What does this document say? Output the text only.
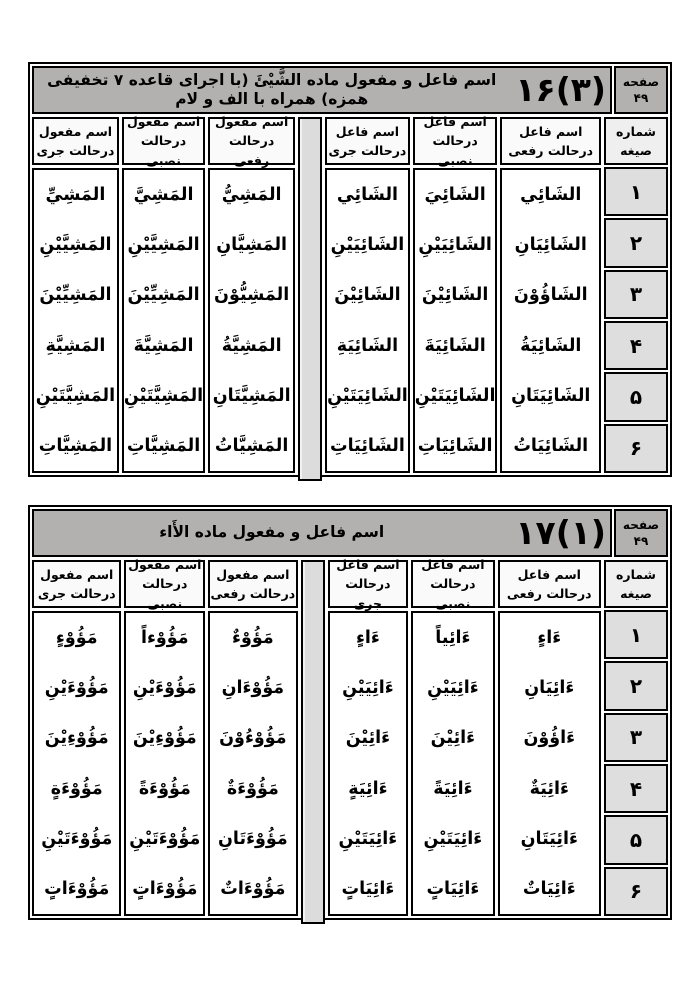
صفحه
۴۹
۱۶(۳)
اسم فاعل و مفعول ماده الشَّيْئَ (با اجرای قاعده ۷ تخفیفی همزه) همراه با الف و لام
شماره
صیغه
۱
۲
۳
۴
۵
۶
اسم فاعل
درحالت رفعی
الشَائِي
الشَائِيَانِ
الشَاؤُوْنَ
الشَائِيَةُ
الشَائِيَتَانِ
الشَائِيَاتُ
اسم فاعل
درحالت نصبی
الشَائِيَ
الشَائِيَيْنِ
الشَائِيْنَ
الشَائِيَةَ
الشَائِيَتَيْنِ
الشَائِيَاتِ
اسم فاعل
درحالت جری
الشَائِي
الشَائِيَيْنِ
الشَائِيْنَ
الشَائِيَةِ
الشَائِيَتَيْنِ
الشَائِيَاتِ
اسم مفعول
درحالت رفعی
المَشِيُّ
المَشِيَّانِ
المَشِيُّوْنَ
المَشِيَّةُ
المَشِيَّتَانِ
المَشِيَّاتُ
اسم مفعول
درحالت نصبی
المَشِيَّ
المَشِيَّيْنِ
المَشِيِّيْنَ
المَشِيَّةَ
المَشِيَّتَيْنِ
المَشِيَّاتِ
اسم مفعول
درحالت جری
المَشِيِّ
المَشِيَّيْنِ
المَشِيِّيْنَ
المَشِيَّةِ
المَشِيَّتَيْنِ
المَشِيَّاتِ
صفحه
۴۹
۱۷(۱)
اسم فاعل و مفعول ماده الأَاء
شماره
صیغه
۱
۲
۳
۴
۵
۶
اسم فاعل
درحالت رفعی
ءَاءٍ
ءَائِيَانِ
ءَاؤُوْنَ
ءَائِيَةٌ
ءَائِيَتَانِ
ءَائِيَاتٌ
اسم فاعل
درحالت نصبی
ءَائِياً
ءَائِيَيْنِ
ءَائِيْنَ
ءَائِيَةً
ءَائِيَتَيْنِ
ءَائِيَاتٍ
اسم فاعل
درحالت جری
ءَاءٍ
ءَائِيَيْنِ
ءَائِيْنَ
ءَائِيَةٍ
ءَائِيَتَيْنِ
ءَائِيَاتٍ
اسم مفعول
درحالت رفعی
مَؤُوْءٌ
مَؤُوْءَانِ
مَؤُوْءُوْنَ
مَؤُوْءَةٌ
مَؤُوْءَتَانِ
مَؤُوْءَاتٌ
اسم مفعول
درحالت نصبی
مَؤُوْءاً
مَؤُوْءَيْنِ
مَؤُوْءِيْنَ
مَؤُوْءَةً
مَؤُوْءَتَيْنِ
مَؤُوْءَاتٍ
اسم مفعول
درحالت جری
مَؤُوْءٍ
مَؤُوْءَيْنِ
مَؤُوْءِيْنَ
مَؤُوْءَةٍ
مَؤُوْءَتَيْنِ
مَؤُوْءَاتٍ
